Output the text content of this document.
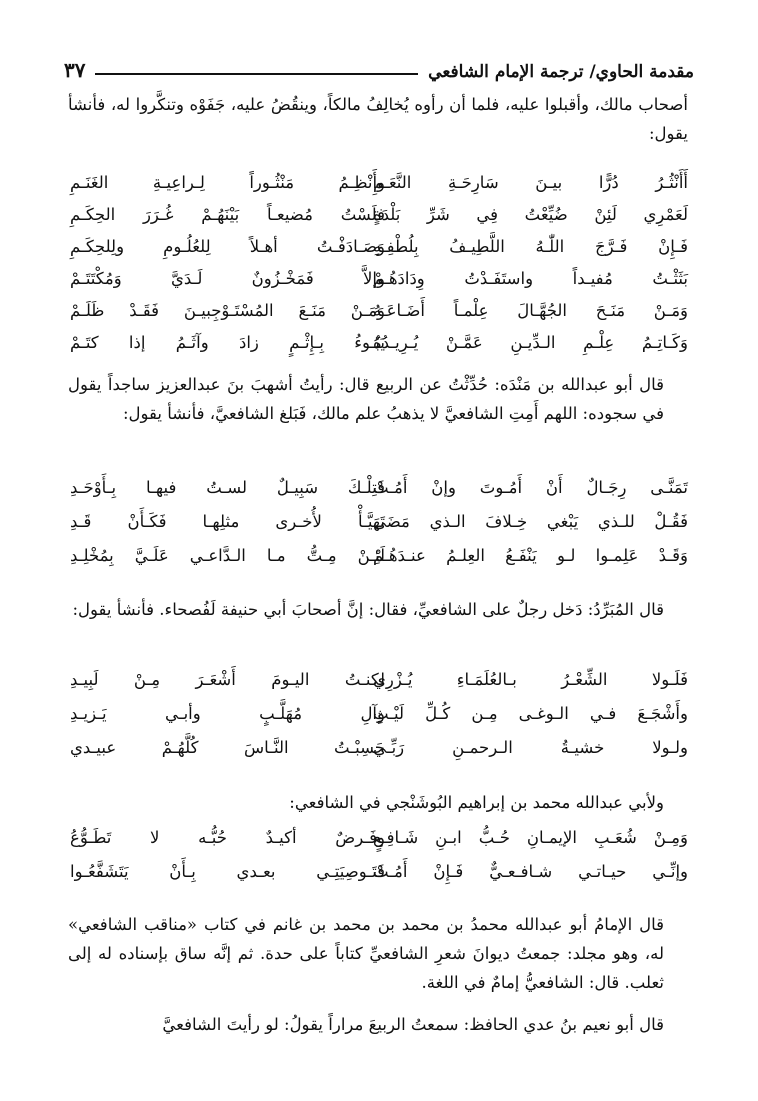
مقدمة الحاوي/ ترجمة الإمام الشافعي
٣٧
أصحاب مالك، وأقبلوا عليه، فلما أن رأوه يُخالِفُ مالكاً، وينقُضُ عليه، جَفَوْه وتنكَّروا له، فأنشأ يقول:
أَأَنْثُـرُ دُرًّا بيـنَ سَارِحَـةِ النَّعَـمِ
وأَنْظِـمُ مَنْثُـوراً لِـراعِيـةِ الغَنَـمِ
لَعَمْرِي لَئِنْ ضُيِّعْتُ فِي شَرِّ بَلْدَةٍ
فلَسْتُ مُضيعـاً بَيْنَهُـمْ غُـرَرَ الحِكَـمِ
فَـإِنْ فَـرَّجَ اللّٰـهُ اللَّطِيـفُ بِلُطْفِـهِ
وَصَـادَفْـتُ أهـلاً لِلعُلُـومِ ولِلحِكَـمِ
بَثَثْـتُ مُفيـداً واستَفَـدْتُ وِدَادَهُـمْ
وإلاَّ فَمَخْـزُونٌ لَـدَيَّ وَمُكْتَتَـمْ
وَمَـنْ مَنَـحَ الجُهَّـالَ عِلْمـاً أَضَـاعَـهُ
وَمَـنْ مَنَـعَ المُسْتَـوْجِبيـنَ فَقَـدْ ظَلَـمْ
وَكَـاتِـمُ عِلْـمِ الـدِّيـنِ عَمَّـنْ يُـرِيـدُهُ
يَبُـوءُ بِـإِثْـمٍ زادَ وآثَـمُ إذا كتَـمْ
قال أبو عبدالله بن مَنْدَه: حُدِّثْتُ عن الربيع قال: رأيتُ أشهبَ بنَ عبدالعزيز ساجداً يقول في سجوده: اللهم أَمِتِ الشافعيَّ لا يذهبُ علم مالك، فَبَلغ الشافعيَّ، فأنشأ يقول:
تَمَنَّـى رِجَـالٌ أَنْ أَمُـوتَ وإنْ أَمُـتْ
فَتِلْـكَ سَبِيـلٌ لسـتُ فيهـا بِـأَوْحَـدِ
فَقُـلْ للـذي يَبْغي خِـلافَ الـذي مَضَى
تَهَيَّـأْ لأُخـرى مثلِهـا فَكَـأَنْ قَـدِ
وَقَـدْ عَلِمـوا لـو يَنْفَـعُ العِلـمُ عنـدَهُـمْ
لَئِـنْ مِـتُّ مـا الـدَّاعـي عَلَـيَّ بِمُخْلِـدِ
قال المُبَرِّدُ: دَخل رجلٌ على الشافعيِّ، فقال: إنَّ أصحابَ أبي حنيفة لَفُصحاء. فأنشأ يقول:
فَلَـولا الشِّعْـرُ بـالعُلَمَـاءِ يُـزْرِي
لكنـتُ اليـومَ أَشْعَـرَ مِـنْ لَبِيـدِ
وأَشْجَـعَ فـي الـوغـى مِـن كُـلِّ لَيْـثٍ
وآلِ مُهَلَّـبٍ وأبـي يَـزيـدِ
ولـولا خشيـةُ الـرحمـنِ رَبِّـي
حَسِبْـتُ النَّـاسَ كُلَّهُـمْ عبيـدي
ولأبي عبدالله محمد بن إبراهيم البُوشَنْجي في الشافعي:
وَمِـنْ شُعَـبِ الإيمـانِ حُـبُّ ابـنِ شَـافِـعٍ
وفَـرضٌ أكيـدٌ حُبُّـه لا تَطَـوُّعُ
وإنِّـي حيـاتـي شـافـعـيٌّ فَـإِنْ أَمُـتْ
فَتَـوصِيَتِـي بعـدي بِـأَنْ يَتَشَفَّعُـوا
قال الإمامُ أبو عبدالله محمدُ بن محمد بن محمد بن غانم في كتاب «مناقب الشافعي» له، وهو مجلد: جمعتُ ديوانَ شعرِ الشافعيِّ كتاباً على حدة. ثم إنَّه ساق بإسناده له إلى ثعلب. قال: الشافعيُّ إمامٌ في اللغة.
قال أبو نعيم بنُ عدي الحافظ: سمعتُ الربيعَ مراراً يقولُ: لو رأيتَ الشافعيَّ
